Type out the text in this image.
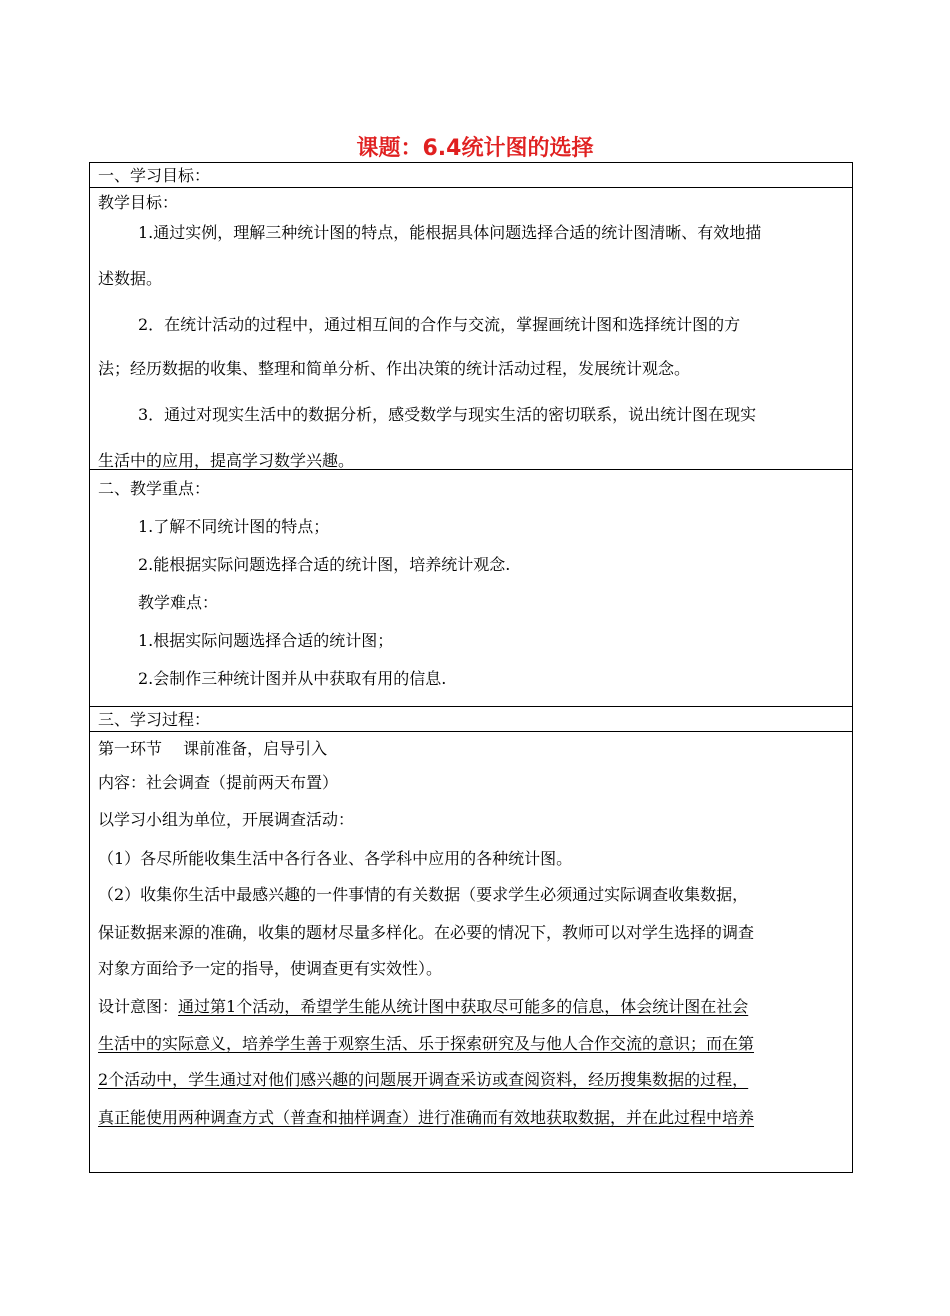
课题：6.4统计图的选择
一、学习目标：
教学目标：
1.通过实例，理解三种统计图的特点，能根据具体问题选择合适的统计图清晰、有效地描
述数据。
2．在统计活动的过程中，通过相互间的合作与交流，掌握画统计图和选择统计图的方
法；经历数据的收集、整理和简单分析、作出决策的统计活动过程，发展统计观念。
3．通过对现实生活中的数据分析，感受数学与现实生活的密切联系，说出统计图在现实
生活中的应用，提高学习数学兴趣。
二、教学重点：
1.了解不同统计图的特点；
2.能根据实际问题选择合适的统计图，培养统计观念.
教学难点：
1.根据实际问题选择合适的统计图；
2.会制作三种统计图并从中获取有用的信息.
三、学习过程：
第一环节　 课前准备，启导引入
内容：社会调查（提前两天布置）
以学习小组为单位，开展调查活动：
（1）各尽所能收集生活中各行各业、各学科中应用的各种统计图。
（2）收集你生活中最感兴趣的一件事情的有关数据（要求学生必须通过实际调查收集数据，
保证数据来源的准确，收集的题材尽量多样化。在必要的情况下，教师可以对学生选择的调查
对象方面给予一定的指导，使调查更有实效性）。
设计意图：通过第1个活动，希望学生能从统计图中获取尽可能多的信息，体会统计图在社会
生活中的实际意义，培养学生善于观察生活、乐于探索研究及与他人合作交流的意识；而在第
2个活动中，学生通过对他们感兴趣的问题展开调查采访或查阅资料，经历搜集数据的过程，
真正能使用两种调查方式（普查和抽样调查）进行准确而有效地获取数据，并在此过程中培养
